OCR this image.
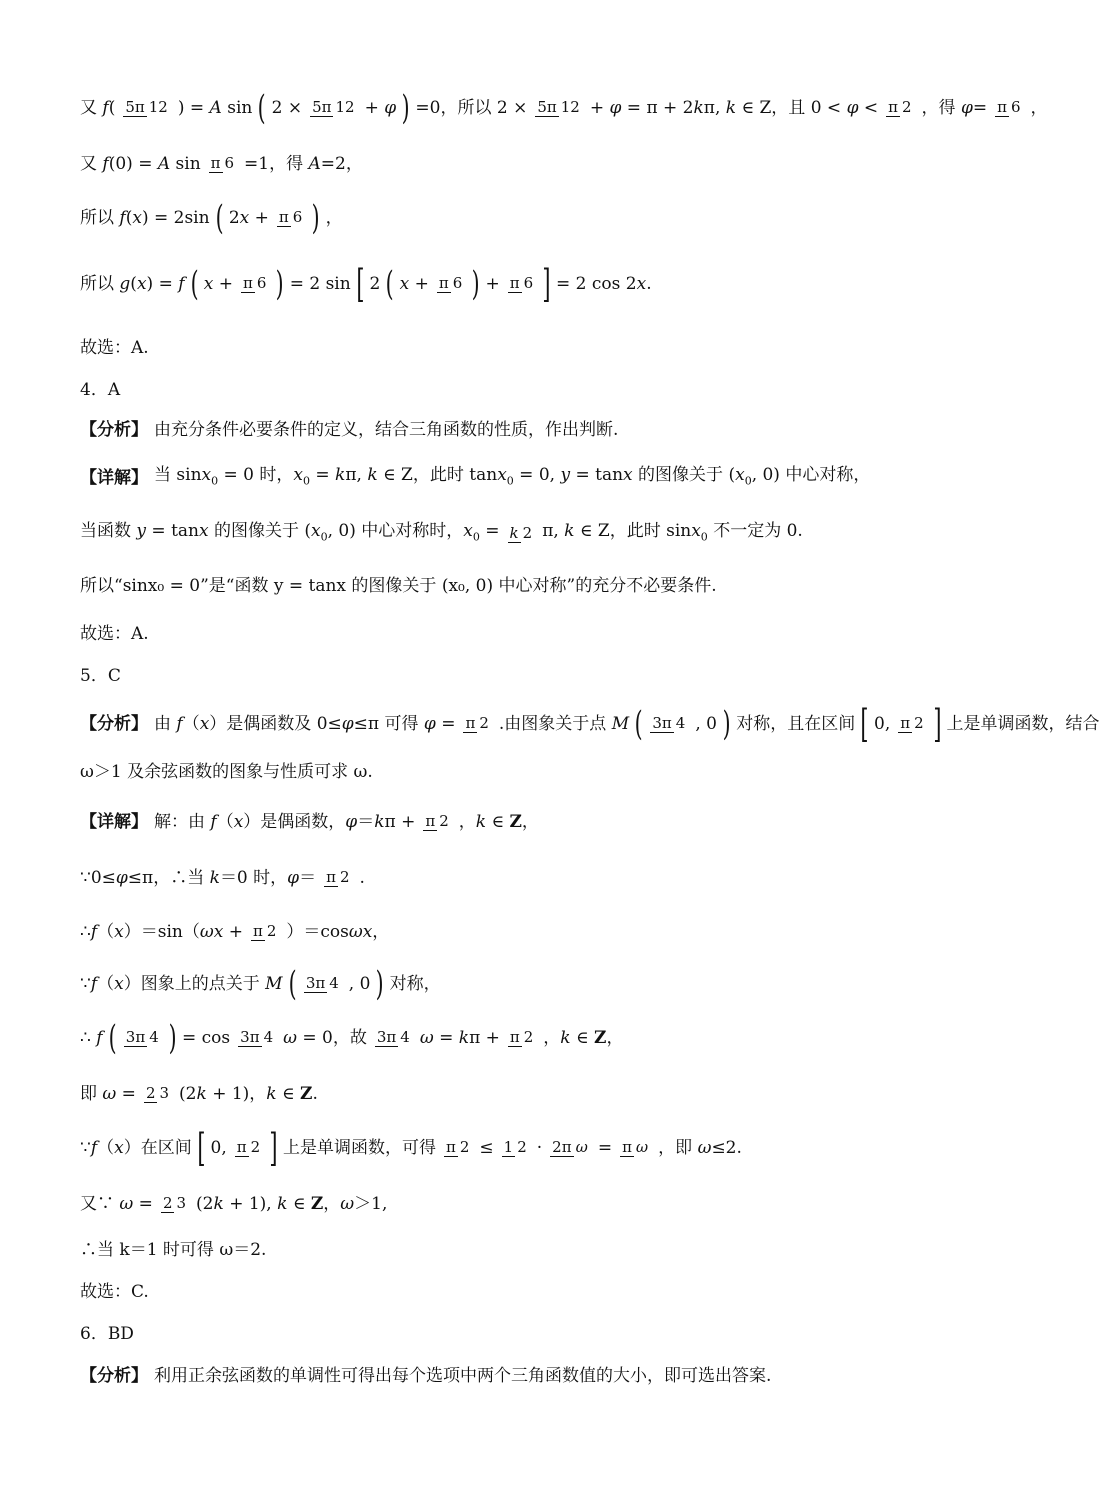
又 f( 5π 12 ) = A sin ( 2 × 5π 12 + φ ) =0，所以 2 × 5π 12 + φ = π + 2kπ, k ∈ Z，且 0 < φ < π 2 ，得 φ= π 6 ，
又 f(0) = A sin π 6 =1，得 A=2，
所以 f(x) = 2sin ( 2x + π 6 ) ，
所以 g(x) = f ( x + π 6 ) = 2 sin [ 2 ( x + π 6 ) + π 6 ] = 2 cos 2x.
故选：A.
4．A
【分析】 由充分条件必要条件的定义，结合三角函数的性质，作出判断.
【详解】 当 sinx$_0$ = 0 时，$x_0 = k\pi$, k ∈ Z，此时 tanx$_0$ = 0, y = tanx 的图像关于 ($x_0$, 0) 中心对称，
当函数 y = tanx 的图像关于 ($x_0$, 0) 中心对称时，$x_0 = k$ 2 π, k ∈ Z，此时 sinx$_0$ 不一定为 0.
所以“sinx₀ = 0”是“函数 y = tanx 的图像关于 (x₀, 0) 中心对称”的充分不必要条件.
故选：A.
5．C
【分析】 由 f（x）是偶函数及 0≤φ≤π 可得 φ = π 2 .由图象关于点 M ( 3π 4 , 0 ) 对称，且在区间 [ 0, π 2 ] 上是单调函数，结合
ω＞1 及余弦函数的图象与性质可求 ω.
【详解】 解：由 f（x）是偶函数，φ＝kπ + π 2 ，k ∈ Z，
∵0≤φ≤π，∴当 k＝0 时，φ＝ π 2 .
∴f（x）＝sin（ωx + π 2 ）＝cosωx，
∵f（x）图象上的点关于 M ( 3π 4 , 0 ) 对称，
∴ f ( 3π 4 ) = cos 3π 4 ω = 0，故 3π 4 ω = kπ + π 2 ，k ∈ Z，
即 ω = 2 3 (2k + 1)，k ∈ Z.
∵f（x）在区间 [ 0, π 2 ] 上是单调函数，可得 π 2 ≤ 1 2 · 2π ω = π ω ，即 ω≤2.
又∵ ω = 2 3 (2k + 1), k ∈ Z，ω＞1,
∴当 k＝1 时可得 ω＝2.
故选：C.
6．BD
【分析】 利用正余弦函数的单调性可得出每个选项中两个三角函数值的大小，即可选出答案.
